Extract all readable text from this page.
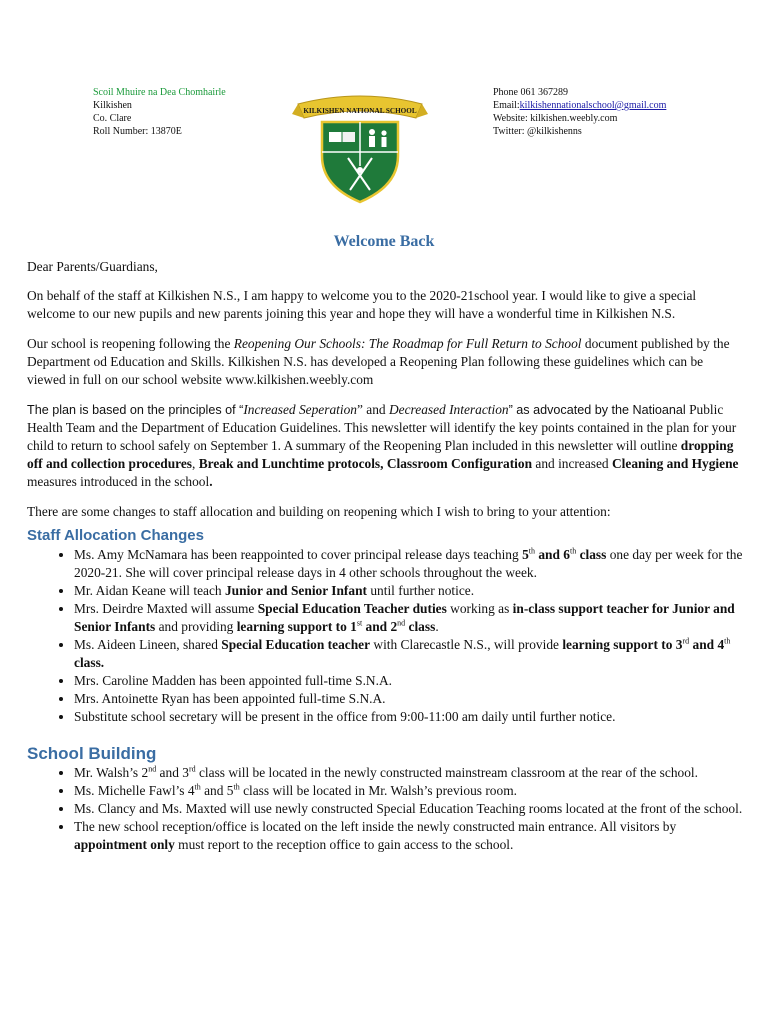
Scoil Mhuire na Dea Chomhairle
Kilkishen
Co. Clare
Roll Number: 13870E
KILKISHEN NATIONAL SCHOOL
Phone 061 367289
Email:kilkishennationalschool@gmail.com
Website: kilkishen.weebly.com
Twitter: @kilkishenns
Welcome Back

Dear Parents/Guardians,

On behalf of the staff at Kilkishen N.S., I am happy to welcome you to the 2020-21school year. I would like to give a special welcome to our new pupils and new parents joining this year and hope they will have a wonderful time in Kilkishen N.S.

Our school is reopening following the Reopening Our Schools: The Roadmap for Full Return to School document published by the Department od Education and Skills. Kilkishen N.S. has developed a Reopening Plan following these guidelines which can be viewed in full on our school website www.kilkishen.weebly.com

The plan is based on the principles of “Increased Seperation” and Decreased Interaction” as advocated by the Natioanal Public Health Team and the Department of Education Guidelines. This newsletter will identify the key points contained in the plan for your child to return to school safely on September 1. A summary of the Reopening Plan included in this newsletter will outline dropping off and collection procedures, Break and Lunchtime protocols, Classroom Configuration and increased Cleaning and Hygiene measures introduced in the school.

There are some changes to staff allocation and building on reopening which I wish to bring to your attention:

Staff Allocation Changes
• Ms. Amy McNamara has been reappointed to cover principal release days teaching 5th and 6th class one day per week for the 2020-21. She will cover principal release days in 4 other schools throughout the week.
• Mr. Aidan Keane will teach Junior and Senior Infant until further notice.
• Mrs. Deirdre Maxted will assume Special Education Teacher duties working as in-class support teacher for Junior and Senior Infants and providing learning support to 1st and 2nd class.
• Ms. Aideen Lineen, shared Special Education teacher with Clarecastle N.S., will provide learning support to 3rd and 4th class.
• Mrs. Caroline Madden has been appointed full-time S.N.A.
• Mrs. Antoinette Ryan has been appointed full-time S.N.A.
• Substitute school secretary will be present in the office from 9:00-11:00 am daily until further notice.
School Building
• Mr. Walsh’s 2nd and 3rd class will be located in the newly constructed mainstream classroom at the rear of the school.
• Ms. Michelle Fawl’s 4th and 5th class will be located in Mr. Walsh’s previous room.
• Ms. Clancy and Ms. Maxted will use newly constructed Special Education Teaching rooms located at the front of the school.
• The new school reception/office is located on the left inside the newly constructed main entrance. All visitors by appointment only must report to the reception office to gain access to the school.
